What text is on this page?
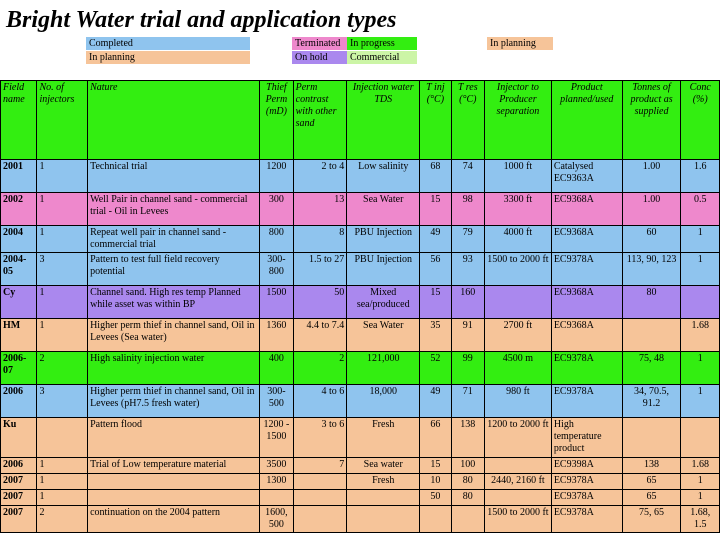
Bright Water trial and application types
Completed	Terminated In progress	In planning
In planning	On hold	Commercial
Field name	No. of injectors	Nature	Thief Perm (mD)	Perm contrast with other sand	Injection water TDS	T inj (°C)	T res (°C)	Injector to Producer separation	Product planned/used	Tonnes of product as supplied	Conc (%)
2001	1	Technical trial	1200	2 to 4	Low salinity	68	74	1000 ft	Catalysed EC9363A	1.00	1.6
2002	1	Well Pair in channel sand - commercial trial - Oil in Levees	300	13	Sea Water	15	98	3300 ft	EC9368A	1.00	0.5
2004	1	Repeat well pair in channel sand - commercial trial	800	8	PBU Injection	49	79	4000 ft	EC9368A	60	1
2004-05	3	Pattern to test full field recovery potential	300-800	1.5 to 27	PBU Injection	56	93	1500 to 2000 ft	EC9378A	113, 90, 123	1
Cy	1	Channel sand. High res temp Planned while asset was within BP	1500	50	Mixed sea/produced	15	160		EC9368A	80	
HM	1	Higher perm thief in channel sand, Oil in Levees (Sea water)	1360	4.4 to 7.4	Sea Water	35	91	2700 ft	EC9368A		1.68
2006-07	2	High salinity injection water	400	2	121,000	52	99	4500 m	EC9378A	75, 48	1
2006	3	Higher perm thief in channel sand, Oil in Levees (pH7.5 fresh water)	300-500	4 to 6	18,000	49	71	980 ft	EC9378A	34, 70.5, 91.2	1
Ku		Pattern flood	1200 - 1500	3 to 6	Fresh	66	138	1200 to 2000 ft	High temperature product		
2006	1	Trial of Low temperature material	3500	7	Sea water	15	100		EC9398A	138	1.68
2007	1		1300		Fresh	10	80	2440, 2160 ft	EC9378A	65	1
2007	1					50	80		EC9378A	65	1
2007	2	continuation on the 2004 pattern	1600, 500					1500 to 2000 ft	EC9378A	75, 65	1.68, 1.5
